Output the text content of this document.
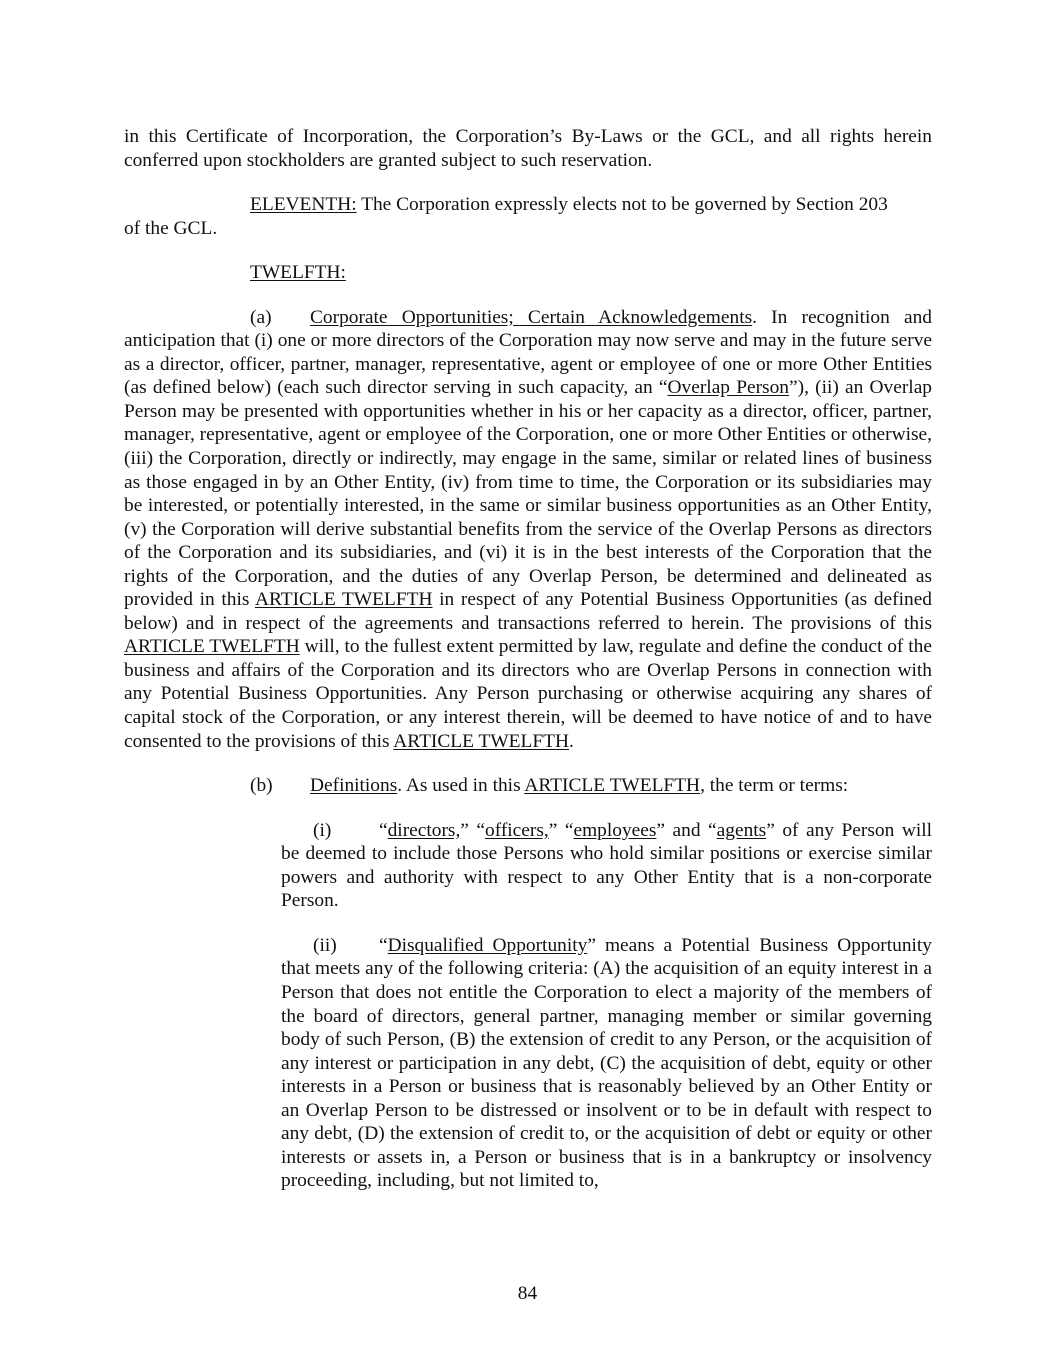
in this Certificate of Incorporation, the Corporation’s By-Laws or the GCL, and all rights herein conferred upon stockholders are granted subject to such reservation.

ELEVENTH: The Corporation expressly elects not to be governed by Section 203
of the GCL.

TWELFTH:

(a) Corporate Opportunities; Certain Acknowledgements. In recognition and anticipation that (i) one or more directors of the Corporation may now serve and may in the future serve as a director, officer, partner, manager, representative, agent or employee of one or more Other Entities (as defined below) (each such director serving in such capacity, an “Overlap Person”), (ii) an Overlap Person may be presented with opportunities whether in his or her capacity as a director, officer, partner, manager, representative, agent or employee of the Corporation, one or more Other Entities or otherwise, (iii) the Corporation, directly or indirectly, may engage in the same, similar or related lines of business as those engaged in by an Other Entity, (iv) from time to time, the Corporation or its subsidiaries may be interested, or potentially interested, in the same or similar business opportunities as an Other Entity, (v) the Corporation will derive substantial benefits from the service of the Overlap Persons as directors of the Corporation and its subsidiaries, and (vi) it is in the best interests of the Corporation that the rights of the Corporation, and the duties of any Overlap Person, be determined and delineated as provided in this ARTICLE TWELFTH in respect of any Potential Business Opportunities (as defined below) and in respect of the agreements and transactions referred to herein. The provisions of this ARTICLE TWELFTH will, to the fullest extent permitted by law, regulate and define the conduct of the business and affairs of the Corporation and its directors who are Overlap Persons in connection with any Potential Business Opportunities. Any Person purchasing or otherwise acquiring any shares of capital stock of the Corporation, or any interest therein, will be deemed to have notice of and to have consented to the provisions of this ARTICLE TWELFTH.

(b) Definitions. As used in this ARTICLE TWELFTH, the term or terms:

(i) “directors,” “officers,” “employees” and “agents” of any Person will be deemed to include those Persons who hold similar positions or exercise similar powers and authority with respect to any Other Entity that is a non-corporate Person.

(ii) “Disqualified Opportunity” means a Potential Business Opportunity that meets any of the following criteria: (A) the acquisition of an equity interest in a Person that does not entitle the Corporation to elect a majority of the members of the board of directors, general partner, managing member or similar governing body of such Person, (B) the extension of credit to any Person, or the acquisition of any interest or participation in any debt, (C) the acquisition of debt, equity or other interests in a Person or business that is reasonably believed by an Other Entity or an Overlap Person to be distressed or insolvent or to be in default with respect to any debt, (D) the extension of credit to, or the acquisition of debt or equity or other interests or assets in, a Person or business that is in a bankruptcy or insolvency proceeding, including, but not limited to,

84
